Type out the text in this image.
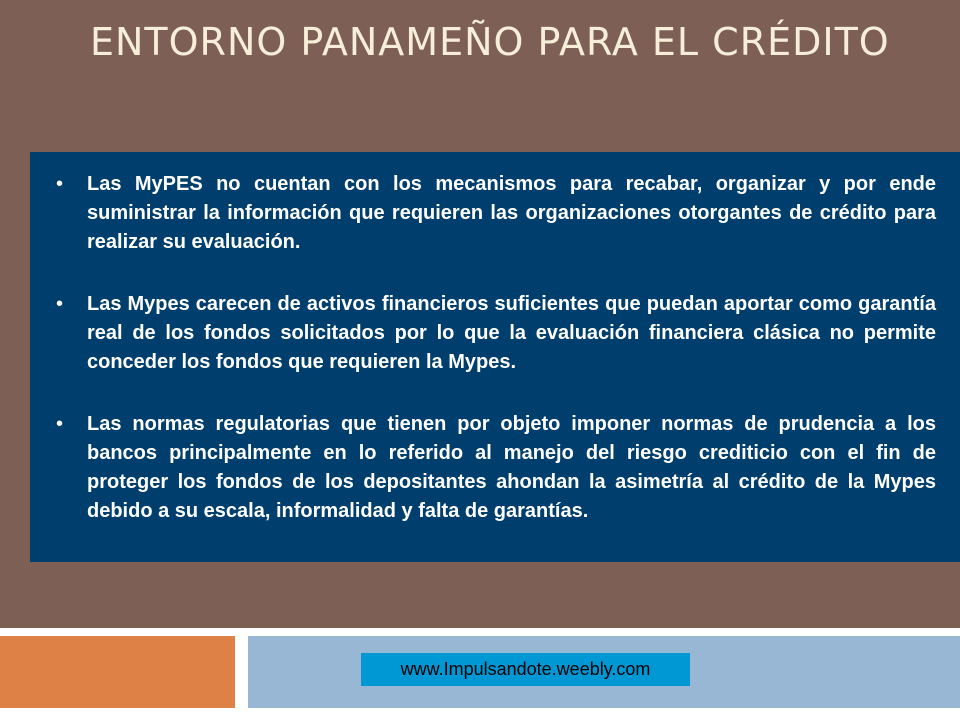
ENTORNO PANAMEÑO PARA EL CRÉDITO
• Las MyPES no cuentan con los mecanismos para recabar, organizar y por ende suministrar la información que requieren las organizaciones otorgantes de crédito para realizar su evaluación.
• Las Mypes carecen de activos financieros suficientes que puedan aportar como garantía real de los fondos solicitados por lo que la evaluación financiera clásica no permite conceder los fondos que requieren la Mypes.
• Las normas regulatorias que tienen por objeto imponer normas de prudencia a los bancos principalmente en lo referido al manejo del riesgo crediticio con el fin de proteger los fondos de los depositantes ahondan la asimetría al crédito de la Mypes debido a su escala, informalidad y falta de garantías.
www.Impulsandote.weebly.com
